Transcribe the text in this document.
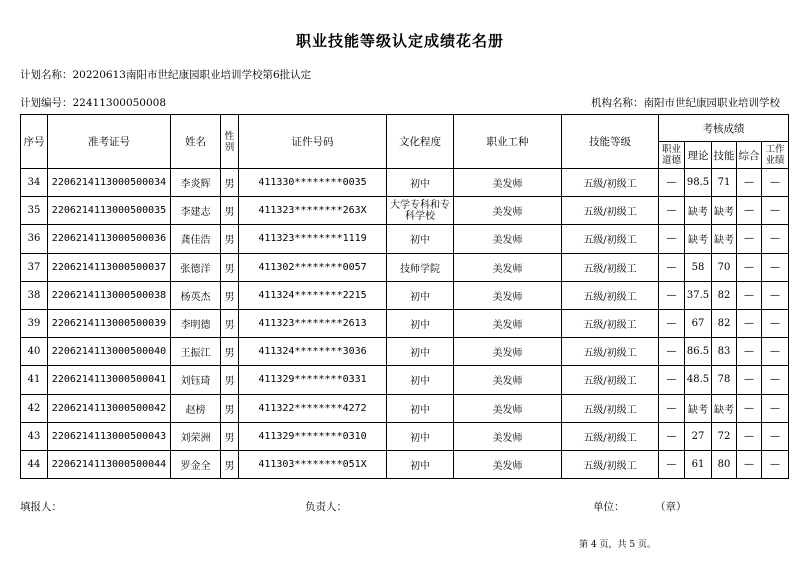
职业技能等级认定成绩花名册
计划名称：20220613南阳市世纪康园职业培训学校第6批认定
计划编号：22411300050008	机构名称：南阳市世纪康园职业培训学校
序号	准考证号	姓名	性别	证件号码	文化程度	职业工种	技能等级	考核成绩				
								职业道德	理论	技能	综合	工作业绩
34	2206214113000500034	李炎辉	男	411330********0035	初中	美发师	五级/初级工	—	98.5	71	—	—
35	2206214113000500035	李建志	男	411323********263X	大学专科和专科学校	美发师	五级/初级工	—	缺考	缺考	—	—
36	2206214113000500036	龚佳浩	男	411323********1119	初中	美发师	五级/初级工	—	缺考	缺考	—	—
37	2206214113000500037	张德洋	男	411302********0057	技师学院	美发师	五级/初级工	—	58	70	—	—
38	2206214113000500038	杨英杰	男	411324********2215	初中	美发师	五级/初级工	—	37.5	82	—	—
39	2206214113000500039	李明德	男	411323********2613	初中	美发师	五级/初级工	—	67	82	—	—
40	2206214113000500040	王振江	男	411324********3036	初中	美发师	五级/初级工	—	86.5	83	—	—
41	2206214113000500041	刘钰琦	男	411329********0331	初中	美发师	五级/初级工	—	48.5	78	—	—
42	2206214113000500042	赵榜	男	411322********4272	初中	美发师	五级/初级工	—	缺考	缺考	—	—
43	2206214113000500043	刘荣洲	男	411329********0310	初中	美发师	五级/初级工	—	27	72	—	—
44	2206214113000500044	罗金全	男	411303********051X	初中	美发师	五级/初级工	—	61	80	—	—
填报人：	负责人：	单位：	（章）
第 4 页，共 5 页。
